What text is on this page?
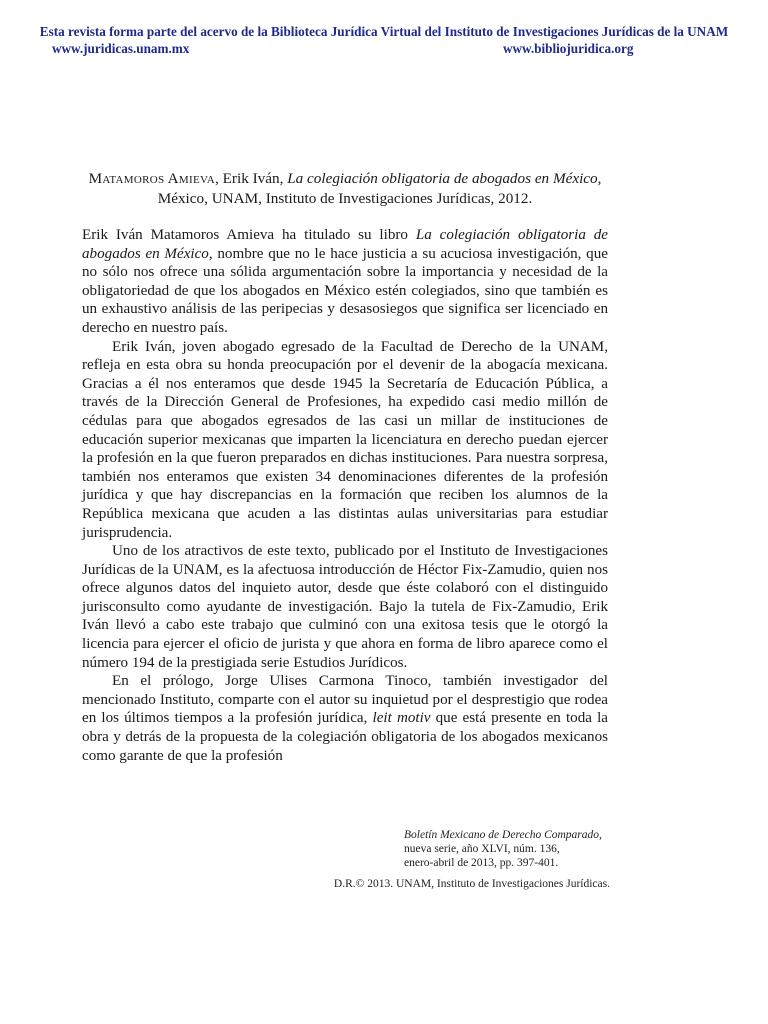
Esta revista forma parte del acervo de la Biblioteca Jurídica Virtual del Instituto de Investigaciones Jurídicas de la UNAM
www.juridicas.unam.mx	www.bibliojuridica.org
Matamoros Amieva, Erik Iván, La colegiación obligatoria de abogados en México, México, UNAM, Instituto de Investigaciones Jurídicas, 2012.

Erik Iván Matamoros Amieva ha titulado su libro La colegiación obligatoria de abogados en México, nombre que no le hace justicia a su acuciosa investigación, que no sólo nos ofrece una sólida argumentación sobre la importancia y necesidad de la obligatoriedad de que los abogados en México estén colegiados, sino que también es un exhaustivo análisis de las peripecias y desasosiegos que significa ser licenciado en derecho en nuestro país.

Erik Iván, joven abogado egresado de la Facultad de Derecho de la UNAM, refleja en esta obra su honda preocupación por el devenir de la abogacía mexicana. Gracias a él nos enteramos que desde 1945 la Secretaría de Educación Pública, a través de la Dirección General de Profesiones, ha expedido casi medio millón de cédulas para que abogados egresados de las casi un millar de instituciones de educación superior mexicanas que imparten la licenciatura en derecho puedan ejercer la profesión en la que fueron preparados en dichas instituciones. Para nuestra sorpresa, también nos enteramos que existen 34 denominaciones diferentes de la profesión jurídica y que hay discrepancias en la formación que reciben los alumnos de la República mexicana que acuden a las distintas aulas universitarias para estudiar jurisprudencia.

Uno de los atractivos de este texto, publicado por el Instituto de Investigaciones Jurídicas de la UNAM, es la afectuosa introducción de Héctor Fix-Zamudio, quien nos ofrece algunos datos del inquieto autor, desde que éste colaboró con el distinguido jurisconsulto como ayudante de investigación. Bajo la tutela de Fix-Zamudio, Erik Iván llevó a cabo este trabajo que culminó con una exitosa tesis que le otorgó la licencia para ejercer el oficio de jurista y que ahora en forma de libro aparece como el número 194 de la prestigiada serie Estudios Jurídicos.

En el prólogo, Jorge Ulises Carmona Tinoco, también investigador del mencionado Instituto, comparte con el autor su inquietud por el desprestigio que rodea en los últimos tiempos a la profesión jurídica, leit motiv que está presente en toda la obra y detrás de la propuesta de la colegiación obligatoria de los abogados mexicanos como garante de que la profesión

Boletín Mexicano de Derecho Comparado,
nueva serie, año XLVI, núm. 136,
enero-abril de 2013, pp. 397-401.
D.R.© 2013. UNAM, Instituto de Investigaciones Jurídicas.
